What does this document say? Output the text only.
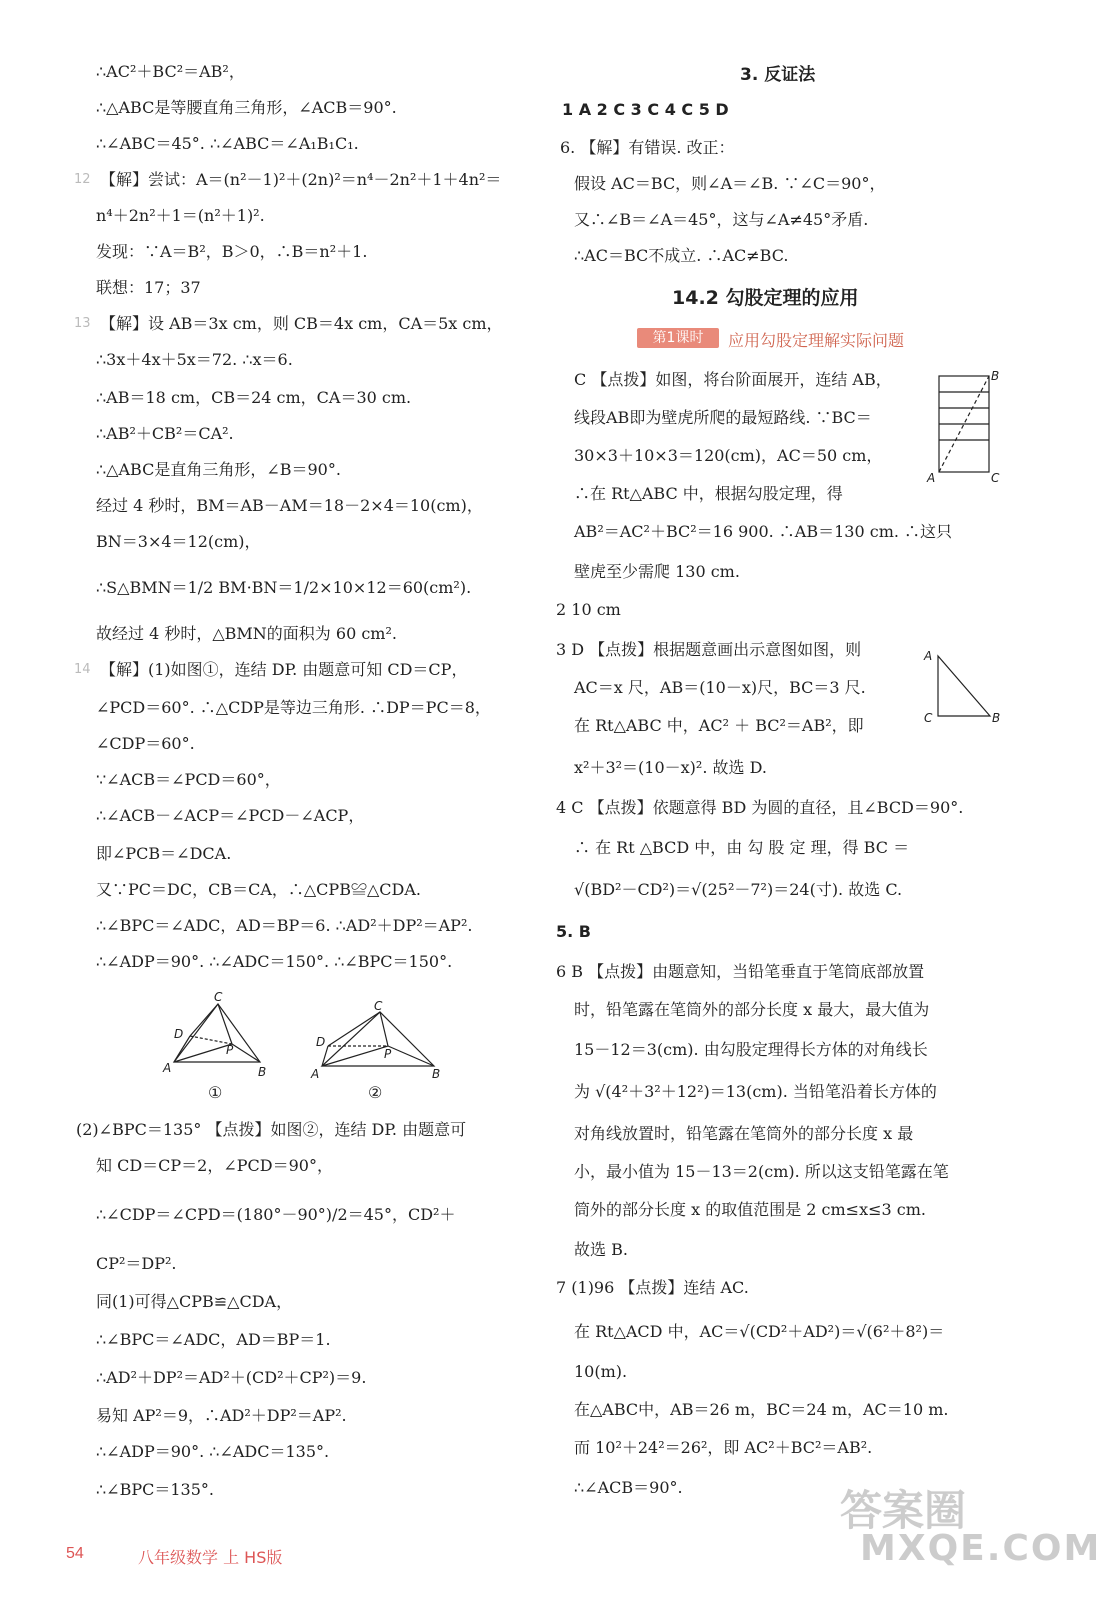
∴AC²＋BC²＝AB²，
∴△ABC是等腰直角三角形，∠ACB＝90°.
∴∠ABC＝45°. ∴∠ABC＝∠A₁B₁C₁.
【解】尝试：A＝(n²－1)²＋(2n)²＝n⁴－2n²＋1＋4n²＝
n⁴＋2n²＋1＝(n²＋1)².
发现：∵A＝B²，B＞0，∴B＝n²＋1.
联想：17；37
【解】设 AB＝3x cm，则 CB＝4x cm，CA＝5x cm，
∴3x＋4x＋5x＝72. ∴x＝6.
∴AB＝18 cm，CB＝24 cm，CA＝30 cm.
∴AB²＋CB²＝CA².
∴△ABC是直角三角形，∠B＝90°.
经过 4 秒时，BM＝AB－AM＝18－2×4＝10(cm)，
BN＝3×4＝12(cm)，
∴S△BMN＝1/2 BM·BN＝1/2×10×12＝60(cm²).
故经过 4 秒时，△BMN的面积为 60 cm².
【解】(1)如图①，连结 DP. 由题意可知 CD＝CP，
∠PCD＝60°. ∴△CDP是等边三角形. ∴DP＝PC＝8，
∠CDP＝60°.
∵∠ACB＝∠PCD＝60°，
∴∠ACB－∠ACP＝∠PCD－∠ACP，
即∠PCB＝∠DCA.
又∵PC＝DC，CB＝CA，∴△CPB≌△CDA.
∴∠BPC＝∠ADC，AD＝BP＝6. ∴AD²＋DP²＝AP².
∴∠ADP＝90°. ∴∠ADC＝150°. ∴∠BPC＝150°.
(2)∠BPC＝135° 【点拨】如图②，连结 DP. 由题意可
知 CD＝CP＝2，∠PCD＝90°，
∴∠CDP＝∠CPD＝(180°－90°)/2＝45°，CD²＋
CP²＝DP².
同(1)可得△CPB≌△CDA，
∴∠BPC＝∠ADC，AD＝BP＝1.
∴AD²＋DP²＝AD²＋(CD²＋CP²)＝9.
易知 AP²＝9，∴AD²＋DP²＝AP².
∴∠ADP＝90°. ∴∠ADC＝135°.
∴∠BPC＝135°.
12
13
14
1 A 2 C 3 C 4 C 5 D
6. 【解】有错误. 改正：
假设 AC＝BC，则∠A＝∠B. ∵∠C＝90°，
又∴∠B＝∠A＝45°，这与∠A≠45°矛盾.
∴AC＝BC不成立. ∴AC≠BC.
C 【点拨】如图，将台阶面展开，连结 AB，
线段AB即为壁虎所爬的最短路线. ∵BC＝
30×3＋10×3＝120(cm)，AC＝50 cm，
∴在 Rt△ABC 中，根据勾股定理，得
AB²＝AC²＋BC²＝16 900. ∴AB＝130 cm. ∴这只
壁虎至少需爬 130 cm.
2 10 cm
3 D 【点拨】根据题意画出示意图如图，则
AC＝x 尺，AB＝(10－x)尺，BC＝3 尺.
在 Rt△ABC 中，AC² ＋ BC²＝AB²，即
x²＋3²＝(10－x)². 故选 D.
4 C 【点拨】依题意得 BD 为圆的直径，且∠BCD＝90°.
∴ 在 Rt △BCD 中，由 勾 股 定 理，得 BC ＝
√(BD²－CD²)＝√(25²－7²)＝24(寸). 故选 C.
5. B
6 B 【点拨】由题意知，当铅笔垂直于笔筒底部放置
时，铅笔露在笔筒外的部分长度 x 最大，最大值为
15－12＝3(cm). 由勾股定理得长方体的对角线长
为 √(4²＋3²＋12²)＝13(cm). 当铅笔沿着长方体的
对角线放置时，铅笔露在笔筒外的部分长度 x 最
小，最小值为 15－13＝2(cm). 所以这支铅笔露在笔
筒外的部分长度 x 的取值范围是 2 cm≤x≤3 cm.
故选 B.
7 (1)96 【点拨】连结 AC.
在 Rt△ACD 中，AC＝√(CD²＋AD²)＝√(6²＋8²)＝
10(m).
在△ABC中，AB＝26 m，BC＝24 m，AC＝10 m.
而 10²＋24²＝26²，即 AC²＋BC²＝AB².
∴∠ACB＝90°.
3. 反证法
14.2 勾股定理的应用
第1课时	应用勾股定理解实际问题
A	B
C
D
P
①
A	B
C
D
P
②
A
B
C
A
C	B
54	八年级数学 上 HS版
答案圈
MXQE.COM
